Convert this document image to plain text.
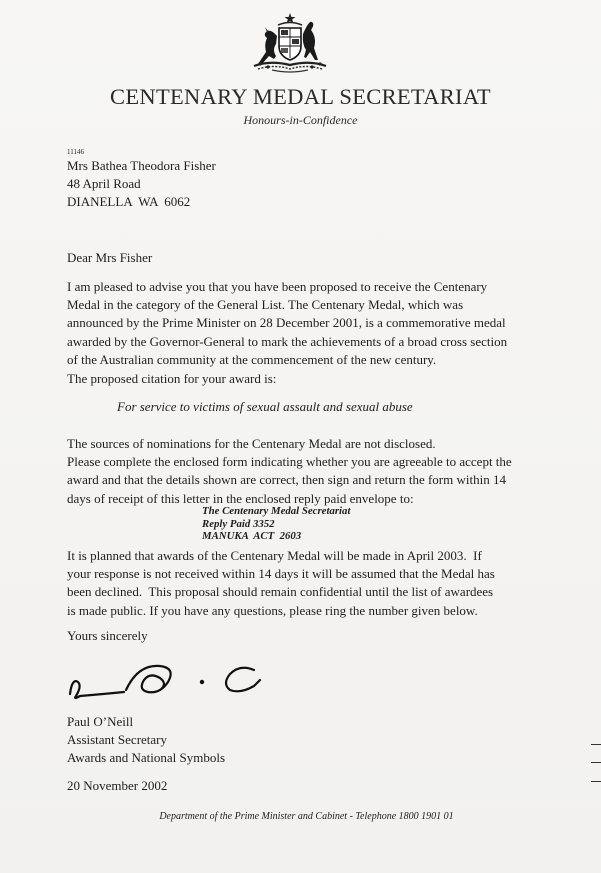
CENTENARY MEDAL SECRETARIAT
Honours-in-Confidence
11146
Mrs Bathea Theodora Fisher
48 April Road
DIANELLA  WA  6062
Dear Mrs Fisher
I am pleased to advise you that you have been proposed to receive the Centenary
Medal in the category of the General List. The Centenary Medal, which was
announced by the Prime Minister on 28 December 2001, is a commemorative medal
awarded by the Governor-General to mark the achievements of a broad cross section
of the Australian community at the commencement of the new century.
The proposed citation for your award is:
For service to victims of sexual assault and sexual abuse
The sources of nominations for the Centenary Medal are not disclosed.
Please complete the enclosed form indicating whether you are agreeable to accept the
award and that the details shown are correct, then sign and return the form within 14
days of receipt of this letter in the enclosed reply paid envelope to:
The Centenary Medal Secretariat
Reply Paid 3352
MANUKA  ACT  2603
It is planned that awards of the Centenary Medal will be made in April 2003.  If
your response is not received within 14 days it will be assumed that the Medal has
been declined.  This proposal should remain confidential until the list of awardees
is made public. If you have any questions, please ring the number given below.
Yours sincerely
Paul O’Neill
Assistant Secretary
Awards and National Symbols
20 November 2002
Department of the Prime Minister and Cabinet - Telephone 1800 1901 01
